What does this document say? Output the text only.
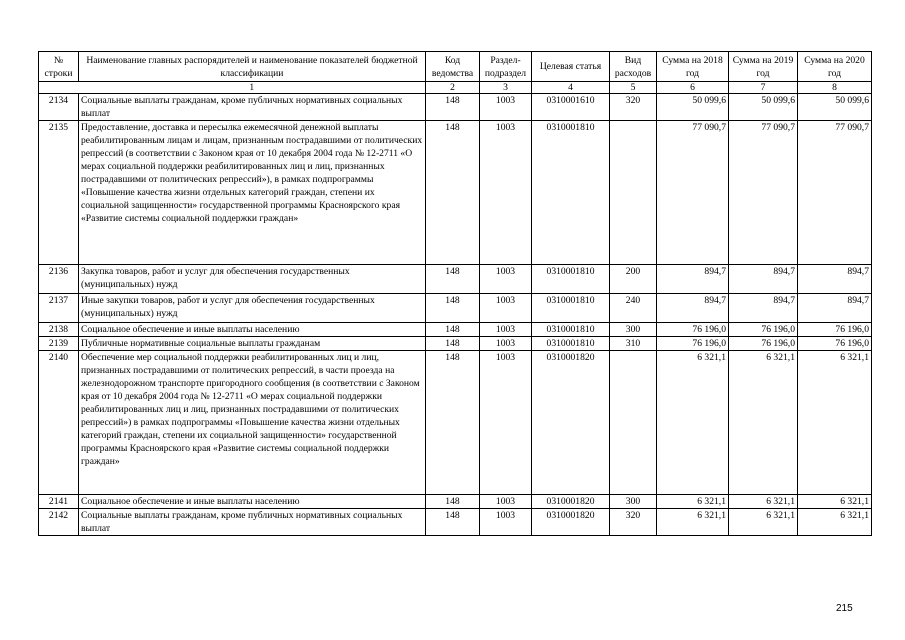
№ строки	Наименование главных распорядителей и наименование показателей бюджетной классификации	Код ведомства	Раздел-подраздел	Целевая статья	Вид расходов	Сумма на 2018 год	Сумма на 2019 год	Сумма на 2020 год
	1	2	3	4	5	6	7	8
2134	Социальные выплаты гражданам, кроме публичных нормативных социальных выплат	148	1003	0310001610	320	50 099,6	50 099,6	50 099,6
2135	Предоставление, доставка и пересылка ежемесячной денежной выплаты реабилитированным лицам и лицам, признанным пострадавшими от политических репрессий (в соответствии с Законом края от 10 декабря 2004 года № 12-2711 «О мерах социальной поддержки реабилитированных лиц и лиц, признанных пострадавшими от политических репрессий»), в рамках подпрограммы «Повышение качества жизни отдельных категорий граждан, степени их социальной защищенности» государственной программы Красноярского края «Развитие системы социальной поддержки граждан»	148	1003	0310001810		77 090,7	77 090,7	77 090,7
2136	Закупка товаров, работ и услуг для обеспечения государственных (муниципальных) нужд	148	1003	0310001810	200	894,7	894,7	894,7
2137	Иные закупки товаров, работ и услуг для обеспечения государственных (муниципальных) нужд	148	1003	0310001810	240	894,7	894,7	894,7
2138	Социальное обеспечение и иные выплаты населению	148	1003	0310001810	300	76 196,0	76 196,0	76 196,0
2139	Публичные нормативные социальные выплаты гражданам	148	1003	0310001810	310	76 196,0	76 196,0	76 196,0
2140	Обеспечение мер социальной поддержки реабилитированных лиц и лиц, признанных пострадавшими от политических репрессий, в части проезда на железнодорожном транспорте пригородного сообщения (в соответствии с Законом края от 10 декабря 2004 года № 12-2711 «О мерах социальной поддержки реабилитированных лиц и лиц, признанных пострадавшими от политических репрессий») в рамках подпрограммы «Повышение качества жизни отдельных категорий граждан, степени их социальной защищенности» государственной программы Красноярского края «Развитие системы социальной поддержки граждан»	148	1003	0310001820		6 321,1	6 321,1	6 321,1
2141	Социальное обеспечение и иные выплаты населению	148	1003	0310001820	300	6 321,1	6 321,1	6 321,1
2142	Социальные выплаты гражданам, кроме публичных нормативных социальных выплат	148	1003	0310001820	320	6 321,1	6 321,1	6 321,1
215
